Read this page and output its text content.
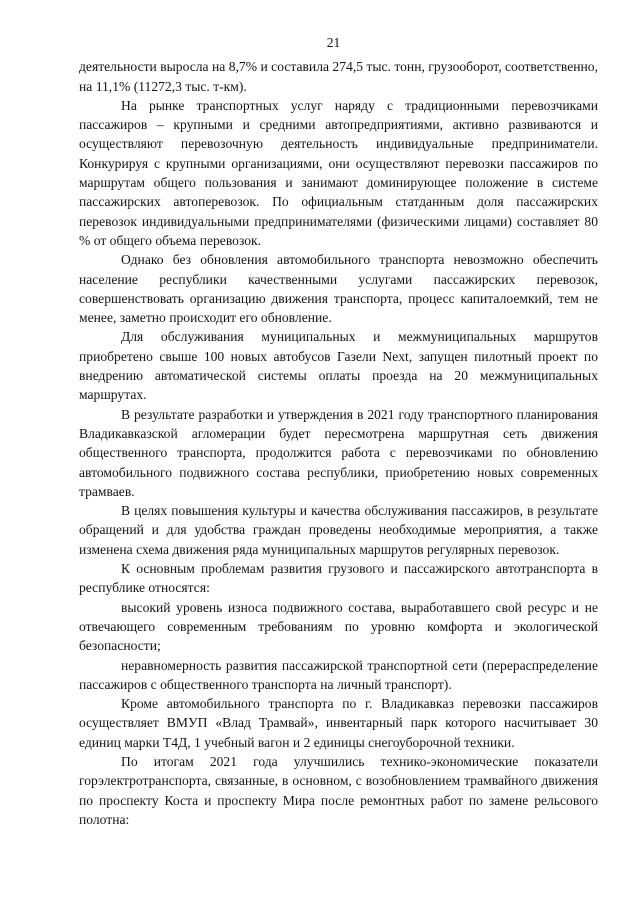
21

деятельности выросла на 8,7% и составила 274,5 тыс. тонн, грузооборот, соответственно, на 11,1% (11272,3 тыс. т-км).

На рынке транспортных услуг наряду с традиционными перевозчиками пассажиров – крупными и средними автопредприятиями, активно развиваются и осуществляют перевозочную деятельность индивидуальные предприниматели. Конкурируя с крупными организациями, они осуществляют перевозки пассажиров по маршрутам общего пользования и занимают доминирующее положение в системе пассажирских автоперевозок. По официальным статданным доля пассажирских перевозок индивидуальными предпринимателями (физическими лицами) составляет 80 % от общего объема перевозок.

Однако без обновления автомобильного транспорта невозможно обеспечить население республики качественными услугами пассажирских перевозок, совершенствовать организацию движения транспорта, процесс капиталоемкий, тем не менее, заметно происходит его обновление.

Для обслуживания муниципальных и межмуниципальных маршрутов приобретено свыше 100 новых автобусов Газели Next, запущен пилотный проект по внедрению автоматической системы оплаты проезда на 20 межмуниципальных маршрутах.

В результате разработки и утверждения в 2021 году транспортного планирования Владикавказской агломерации будет пересмотрена маршрутная сеть движения общественного транспорта, продолжится работа с перевозчиками по обновлению автомобильного подвижного состава республики, приобретению новых современных трамваев.

В целях повышения культуры и качества обслуживания пассажиров, в результате обращений и для удобства граждан проведены необходимые мероприятия, а также изменена схема движения ряда муниципальных маршрутов регулярных перевозок.

К основным проблемам развития грузового и пассажирского автотранспорта в республике относятся:

высокий уровень износа подвижного состава, выработавшего свой ресурс и не отвечающего современным требованиям по уровню комфорта и экологической безопасности;

неравномерность развития пассажирской транспортной сети (перераспределение пассажиров с общественного транспорта на личный транспорт).

Кроме автомобильного транспорта по г. Владикавказ перевозки пассажиров осуществляет ВМУП «Влад Трамвай», инвентарный парк которого насчитывает 30 единиц марки Т4Д, 1 учебный вагон и 2 единицы снегоуборочной техники.

По итогам 2021 года улучшились технико-экономические показатели горэлектротранспорта, связанные, в основном, с возобновлением трамвайного движения по проспекту Коста и проспекту Мира после ремонтных работ по замене рельсового полотна:
